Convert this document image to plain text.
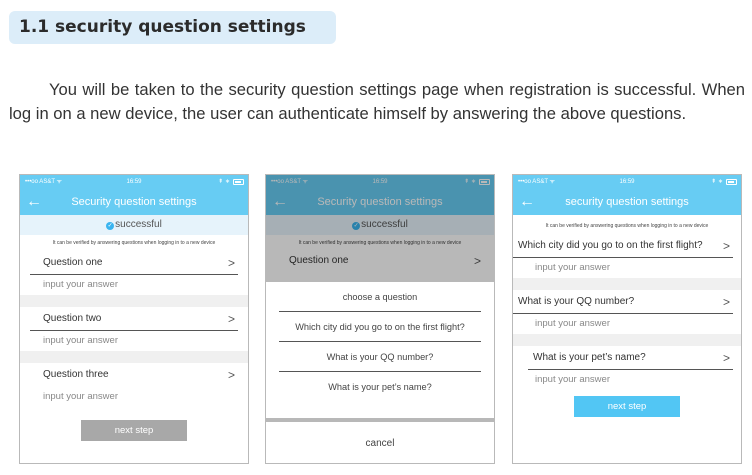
1.1 security question settings

You will be taken to the security question settings page when registration is successful. When log in on a new device, the user can authenticate himself by answering the above questions.

•••oo AS&T ᯤ	16:59	⇞ ∗
←	Security question settings
✓ successful
It can be verified by answering questions when logging in to a new device
Question one	>
input your answer
Question two	>
input your answer
Question three	>
input your answer
next step
•••oo AS&T ᯤ	16:59	⇞ ∗
←	Security question settings
✓ successful
It can be verified by answering questions when logging in to a new device
Question one	>
choose a question
Which city did you go to on the first flight?
What is your QQ number?
What is your pet’s name?
cancel
•••oo AS&T ᯤ	16:59	⇞ ∗
←	security question settings
It can be verified by answering questions when logging in to a new device
Which city did you go to on the first flight? >
input your answer
What is your QQ number?	>
input your answer
What is your pet’s name?	>
input your answer
next step
